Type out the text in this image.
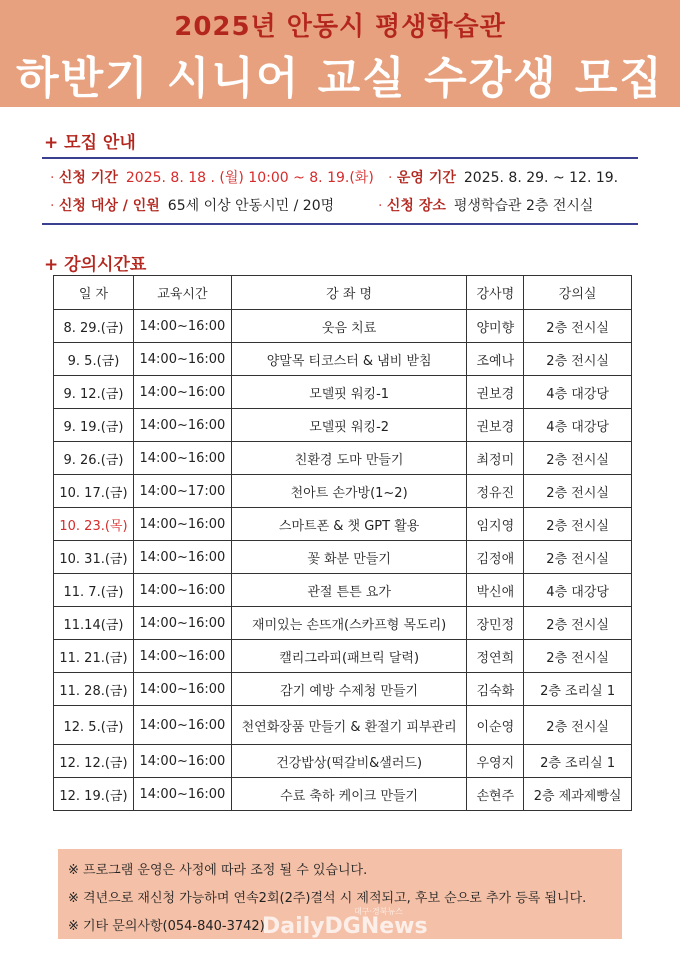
2025년 안동시 평생학습관
하반기 시니어 교실 수강생 모집
+ 모집 안내
· 신청 기간 2025. 8. 18 . (월) 10:00 ~ 8. 19.(화) · 운영 기간 2025. 8. 29. ~ 12. 19.
· 신청 대상 / 인원 65세 이상 안동시민 / 20명	· 신청 장소 평생학습관 2층 전시실
+ 강의시간표
일 자	교육시간	강 좌 명	강사명	강의실
8. 29.(금)	14:00~16:00	웃음 치료	양미향	2층 전시실
9. 5.(금)	14:00~16:00	양말목 티코스터 & 냄비 받침	조예나	2층 전시실
9. 12.(금)	14:00~16:00	모델핏 워킹-1	권보경	4층 대강당
9. 19.(금)	14:00~16:00	모델핏 워킹-2	권보경	4층 대강당
9. 26.(금)	14:00~16:00	친환경 도마 만들기	최정미	2층 전시실
10. 17.(금)	14:00~17:00	천아트 손가방(1~2)	정유진	2층 전시실
10. 23.(목)	14:00~16:00	스마트폰 & 챗 GPT 활용	임지영	2층 전시실
10. 31.(금)	14:00~16:00	꽃 화분 만들기	김정애	2층 전시실
11. 7.(금)	14:00~16:00	관절 튼튼 요가	박신애	4층 대강당
11.14(금)	14:00~16:00	재미있는 손뜨개(스카프형 목도리)	장민정	2층 전시실
11. 21.(금)	14:00~16:00	캘리그라피(패브릭 달력)	정연희	2층 전시실
11. 28.(금)	14:00~16:00	감기 예방 수제청 만들기	김숙화	2층 조리실 1
12. 5.(금)	14:00~16:00	천연화장품 만들기 & 환절기 피부관리	이순영	2층 전시실
12. 12.(금)	14:00~16:00	건강밥상(떡갈비&샐러드)	우영지	2층 조리실 1
12. 19.(금)	14:00~16:00	수료 축하 케이크 만들기	손현주	2층 제과제빵실
※ 프로그램 운영은 사정에 따라 조정 될 수 있습니다.
※ 격년으로 재신청 가능하며 연속2회(2주)결석 시 제적되고, 후보 순으로 추가 등록 됩니다.
※ 기타 문의사항(054-840-3742)
DailyDGNews
대구·경북뉴스
